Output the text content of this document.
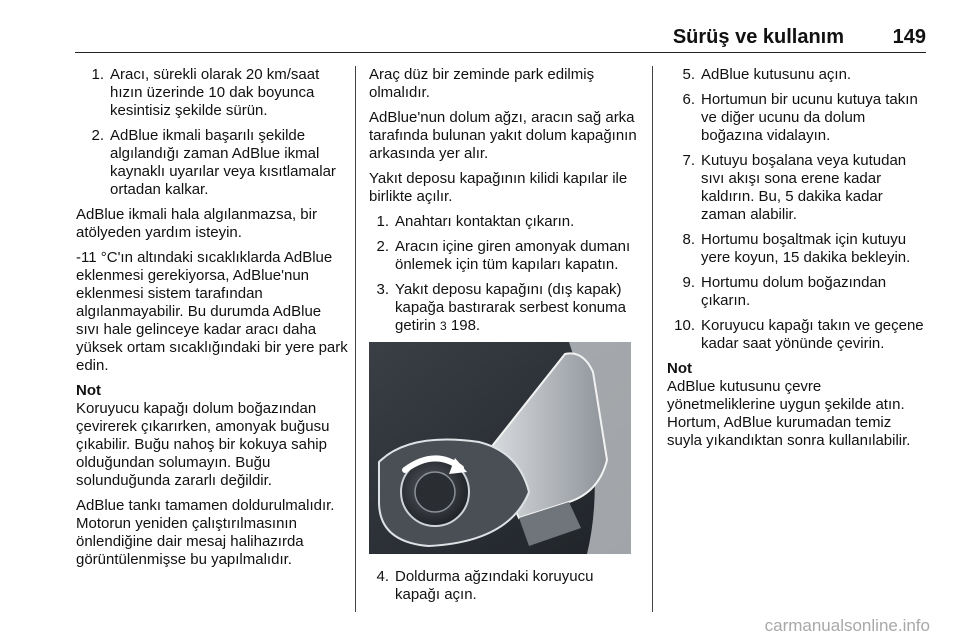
Sürüş ve kullanım 149
1. Aracı, sürekli olarak 20 km/saat hızın üzerinde 10 dak boyunca kesintisiz şekilde sürün.
2. AdBlue ikmali başarılı şekilde algılandığı zaman AdBlue ikmal kaynaklı uyarılar veya kısıtlamalar ortadan kalkar.

AdBlue ikmali hala algılanmazsa, bir atölyeden yardım isteyin.

-11 °C'ın altındaki sıcaklıklarda AdBlue eklenmesi gerekiyorsa, AdBlue'nun eklenmesi sistem tarafından algılanmayabilir. Bu durumda AdBlue sıvı hale gelinceye kadar aracı daha yüksek ortam sıcaklığındaki bir yere park edin.

Not
Koruyucu kapağı dolum boğazından çevirerek çıkarırken, amonyak buğusu çıkabilir. Buğu nahoş bir kokuya sahip olduğundan solumayın. Buğu solunduğunda zararlı değildir.

AdBlue tankı tamamen doldurulmalıdır. Motorun yeniden çalıştırılmasının önlendiğine dair mesaj halihazırda görüntülenmişse bu yapılmalıdır.

Araç düz bir zeminde park edilmiş olmalıdır.

AdBlue'nun dolum ağzı, aracın sağ arka tarafında bulunan yakıt dolum kapağının arkasında yer alır.

Yakıt deposu kapağının kilidi kapılar ile birlikte açılır.

1. Anahtarı kontaktan çıkarın.
2. Aracın içine giren amonyak dumanı önlemek için tüm kapıları kapatın.
3. Yakıt deposu kapağını (dış kapak) kapağa bastırarak serbest konuma getirin 3 198.
4. Doldurma ağzındaki koruyucu kapağı açın.
5. AdBlue kutusunu açın.
6. Hortumun bir ucunu kutuya takın ve diğer ucunu da dolum boğazına vidalayın.
7. Kutuyu boşalana veya kutudan sıvı akışı sona erene kadar kaldırın. Bu, 5 dakika kadar zaman alabilir.
8. Hortumu boşaltmak için kutuyu yere koyun, 15 dakika bekleyin.
9. Hortumu dolum boğazından çıkarın.
10. Koruyucu kapağı takın ve geçene kadar saat yönünde çevirin.
Not
AdBlue kutusunu çevre yönetmeliklerine uygun şekilde atın. Hortum, AdBlue kurumadan temiz suyla yıkandıktan sonra kullanılabilir.
carmanualsonline.info
